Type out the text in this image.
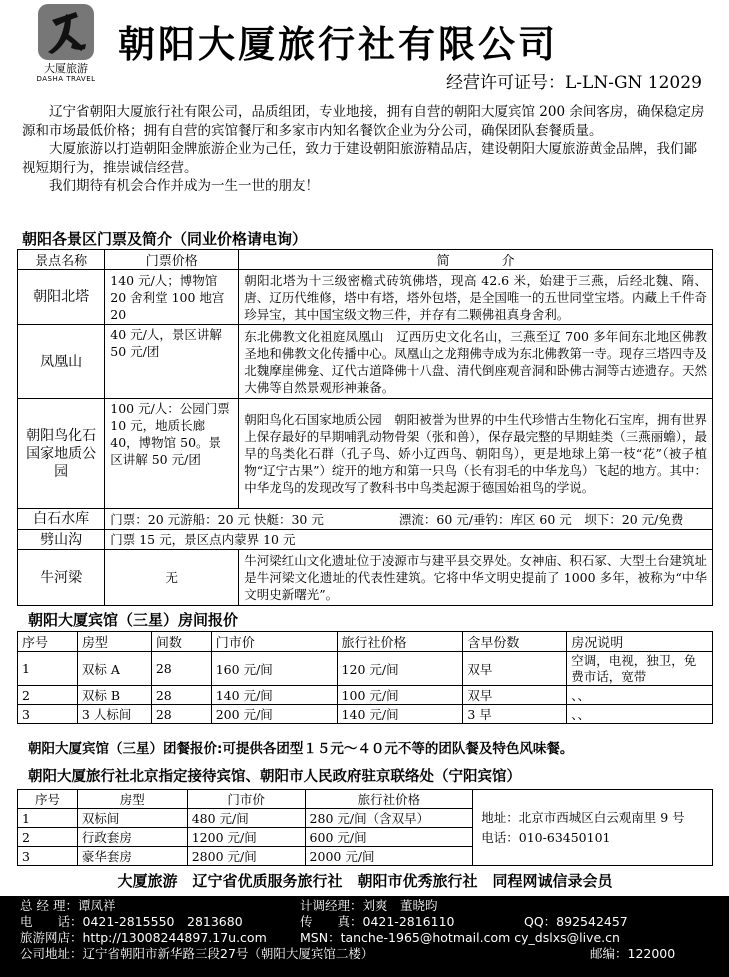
大厦旅游
DASHA TRAVEL
朝阳大厦旅行社有限公司
经营许可证号：L-LN-GN 12029

辽宁省朝阳大厦旅行社有限公司，品质组团，专业地接，拥有自营的朝阳大厦宾馆 200 余间客房，确保稳定房源和市场最低价格；拥有自营的宾馆餐厅和多家市内知名餐饮企业为分公司，确保团队套餐质量。

大厦旅游以打造朝阳金牌旅游企业为己任，致力于建设朝阳旅游精品店，建设朝阳大厦旅游黄金品牌，我们鄙视短期行为，推崇诚信经营。

我们期待有机会合作并成为一生一世的朋友！

朝阳各景区门票及简介（同业价格请电询）
景点名称	门票价格	简　　　　介
朝阳北塔	140 元/人；博物馆 20 舍利堂 100 地宫 20	朝阳北塔为十三级密檐式砖筑佛塔，现高 42.6 米，始建于三燕，后经北魏、隋、唐、辽历代维修，塔中有塔，塔外包塔，是全国唯一的五世同堂宝塔。内藏上千件奇珍异宝，其中国宝级文物三件，并存有二颗佛祖真身舍利。
凤凰山	40 元/人，景区讲解 50 元/团	东北佛教文化祖庭凤凰山　辽西历史文化名山，三燕至辽 700 多年间东北地区佛教圣地和佛教文化传播中心。凤凰山之龙翔佛寺成为东北佛教第一寺。现存三塔四寺及北魏摩崖佛龛、辽代古道降佛十八盘、清代倒座观音洞和卧佛古洞等古迹遗存。天然大佛等自然景观形神兼备。
朝阳鸟化石国家地质公园	100 元/人：公园门票 10 元，地质长廊 40，博物馆 50。景区讲解 50 元/团	朝阳鸟化石国家地质公园　朝阳被誉为世界的中生代珍惜古生物化石宝库，拥有世界上保存最好的早期哺乳动物骨架（张和兽），保存最完整的早期蛙类（三燕丽蟾），最早的鸟类化石群（孔子鸟、娇小辽西鸟、朝阳鸟），更是地球上第一枝“花”（被子植物“辽宁古果”）绽开的地方和第一只鸟（长有羽毛的中华龙鸟）飞起的地方。其中：中华龙鸟的发现改写了教科书中鸟类起源于德国始祖鸟的学说。
白石水库	门票：20 元游船：20 元 快艇：30 元　　　　　　漂流：60 元/垂钓：库区 60 元　坝下：20 元/免费	
劈山沟	门票 15 元，景区点内蒙界 10 元	
牛河梁	无	牛河梁红山文化遗址位于凌源市与建平县交界处。女神庙、积石冢、大型土台建筑址是牛河梁文化遗址的代表性建筑。它将中华文明史提前了 1000 多年，被称为“中华文明史新曙光”。
朝阳大厦宾馆（三星）房间报价
序号	房型	间数	门市价	旅行社价格	含早份数	房况说明
1	双标 A	28	160 元/间	120 元/间	双早	空调，电视，独卫，免费市话，宽带
2	双标 B	28	140 元/间	100 元/间	双早	、、
3	3 人标间	28	200 元/间	140 元/间	3 早	、、
朝阳大厦宾馆（三星）团餐报价:可提供各团型１５元～４０元不等的团队餐及特色风味餐。
朝阳大厦旅行社北京指定接待宾馆、朝阳市人民政府驻京联络处（宁阳宾馆）
序号	房型	门市价	旅行社价格	地址：北京市西城区白云观南里 9 号
电话：010-63450101

1	双标间	480 元/间	280 元/间（含双早）	
2	行政套房	1200 元/间	600 元/间	
3	豪华套房	2800 元/间	2000 元/间	
大厦旅游　辽宁省优质服务旅行社　朝阳市优秀旅行社　同程网诚信录会员
总 经 理：谭凤祥	计调经理：刘爽　董晓昀
电　　话：0421-2815550　2813680	传　　真：0421-2816110	QQ：892542457
旅游网店：http://13008244897.17u.com	MSN：tanche-1965@hotmail.com cy_dslxs@live.cn
公司地址：辽宁省朝阳市新华路三段27号（朝阳大厦宾馆二楼）	邮编：122000
